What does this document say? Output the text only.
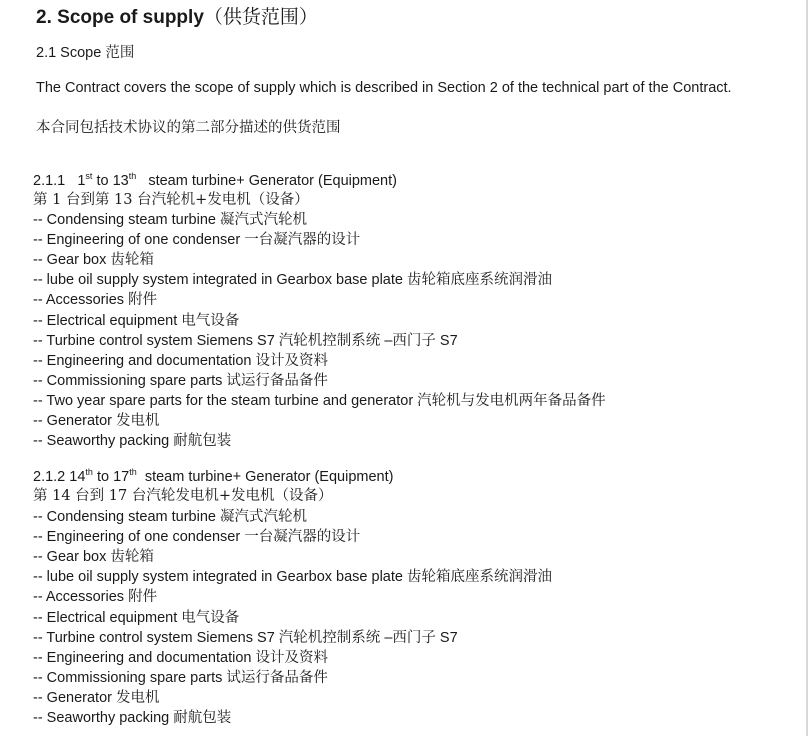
2. Scope of supply（供货范围）
2.1 Scope 范围
The Contract covers the scope of supply which is described in Section 2 of the technical part of the Contract.
本合同包括技术协议的第二部分描述的供货范围
2.1.1 1st to 13th steam turbine+ Generator (Equipment)
第 1 台到第 13 台汽轮机+发电机（设备）
-- Condensing steam turbine 凝汽式汽轮机
-- Engineering of one condenser 一台凝汽器的设计
-- Gear box 齿轮箱
-- lube oil supply system integrated in Gearbox base plate 齿轮箱底座系统润滑油
-- Accessories 附件
-- Electrical equipment 电气设备
-- Turbine control system Siemens S7 汽轮机控制系统 –西门子 S7
-- Engineering and documentation 设计及资料
-- Commissioning spare parts 试运行备品备件
-- Two year spare parts for the steam turbine and generator 汽轮机与发电机两年备品备件
-- Generator 发电机
-- Seaworthy packing 耐航包装
2.1.2 14th to 17th steam turbine+ Generator (Equipment)
第 14 台到 17 台汽轮发电机+发电机（设备）
-- Condensing steam turbine 凝汽式汽轮机
-- Engineering of one condenser 一台凝汽器的设计
-- Gear box 齿轮箱
-- lube oil supply system integrated in Gearbox base plate 齿轮箱底座系统润滑油
-- Accessories 附件
-- Electrical equipment 电气设备
-- Turbine control system Siemens S7 汽轮机控制系统 –西门子 S7
-- Engineering and documentation 设计及资料
-- Commissioning spare parts 试运行备品备件
-- Generator 发电机
-- Seaworthy packing 耐航包装
